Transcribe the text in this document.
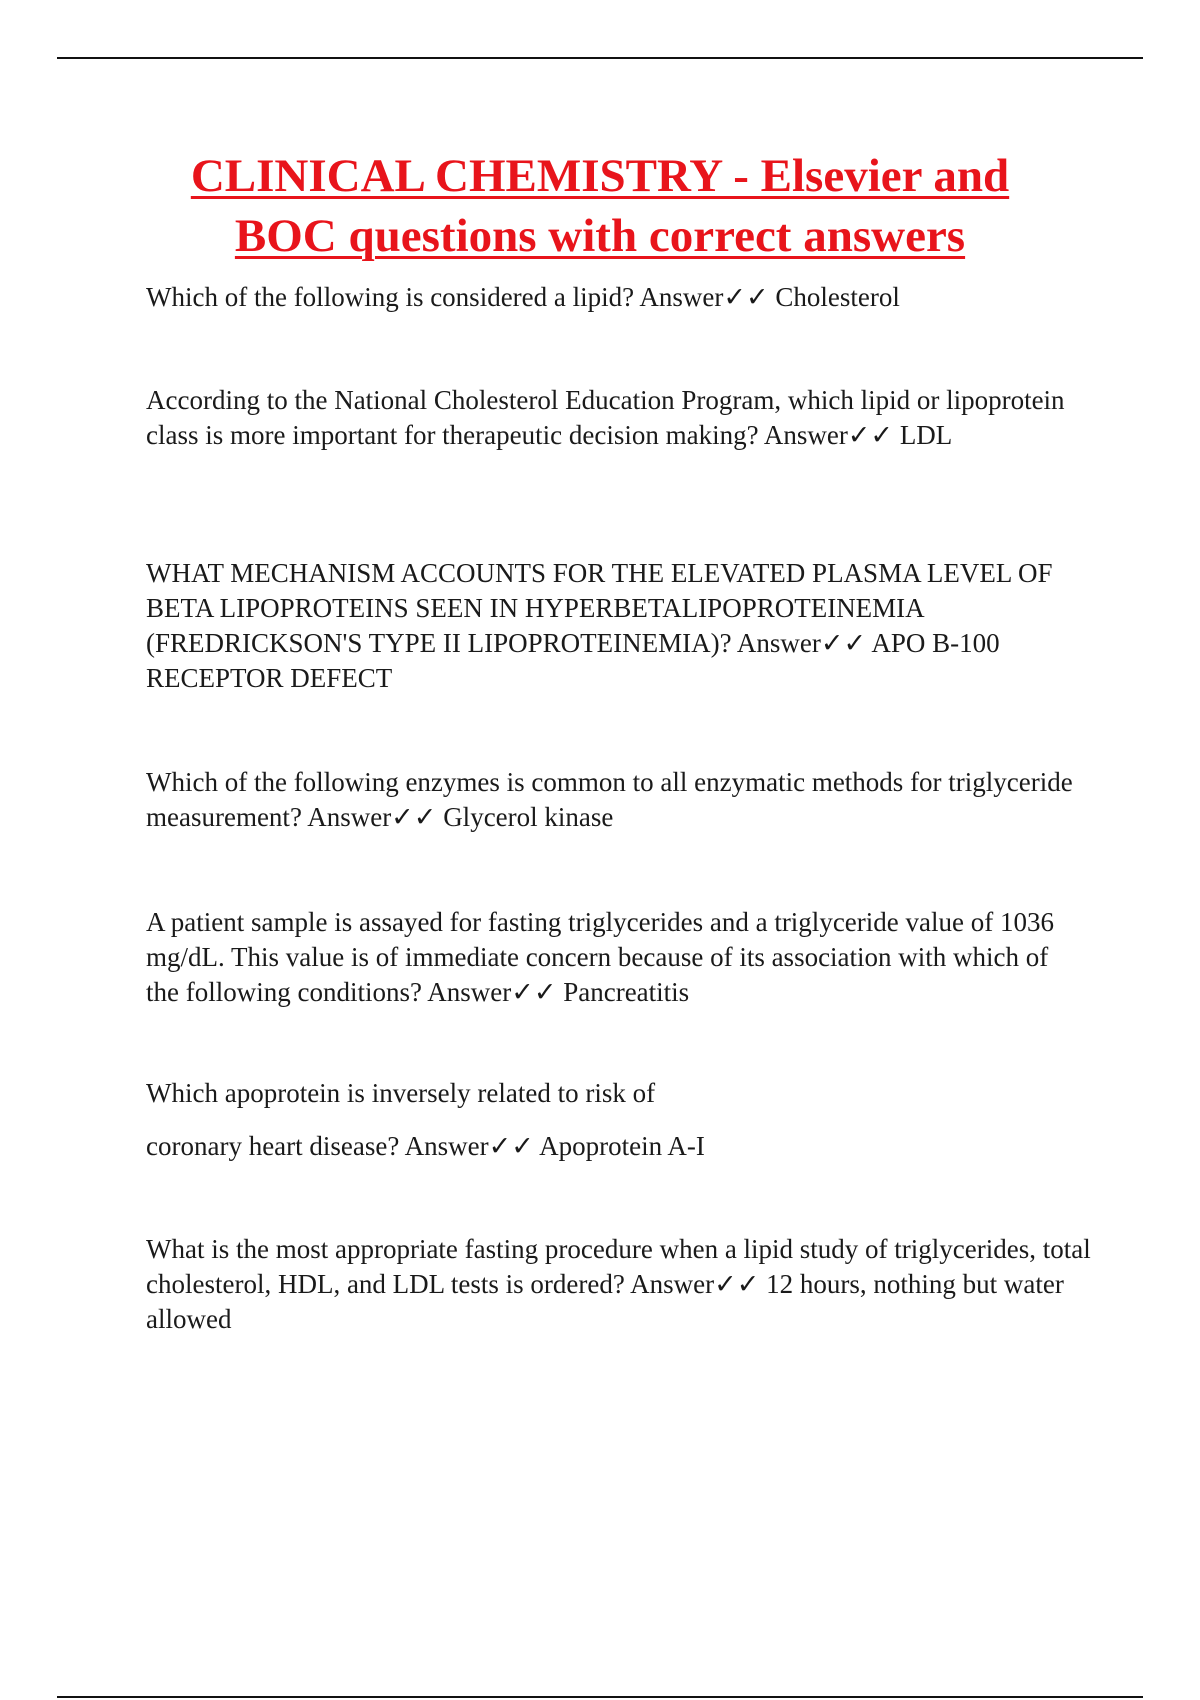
CLINICAL CHEMISTRY - Elsevier and
BOC questions with correct answers

Which of the following is considered a lipid? Answer✓✓ Cholesterol

According to the National Cholesterol Education Program, which lipid or lipoprotein class is more important for therapeutic decision making? Answer✓✓ LDL

WHAT MECHANISM ACCOUNTS FOR THE ELEVATED PLASMA LEVEL OF BETA LIPOPROTEINS SEEN IN HYPERBETALIPOPROTEINEMIA (FREDRICKSON'S TYPE II LIPOPROTEINEMIA)? Answer✓✓ APO B-100 RECEPTOR DEFECT

Which of the following enzymes is common to all enzymatic methods for triglyceride measurement? Answer✓✓ Glycerol kinase

A patient sample is assayed for fasting triglycerides and a triglyceride value of 1036 mg/dL. This value is of immediate concern because of its association with which of the following conditions? Answer✓✓ Pancreatitis

Which apoprotein is inversely related to risk of coronary heart disease? Answer✓✓ Apoprotein A-I

What is the most appropriate fasting procedure when a lipid study of triglycerides, total cholesterol, HDL, and LDL tests is ordered? Answer✓✓ 12 hours, nothing but water allowed
